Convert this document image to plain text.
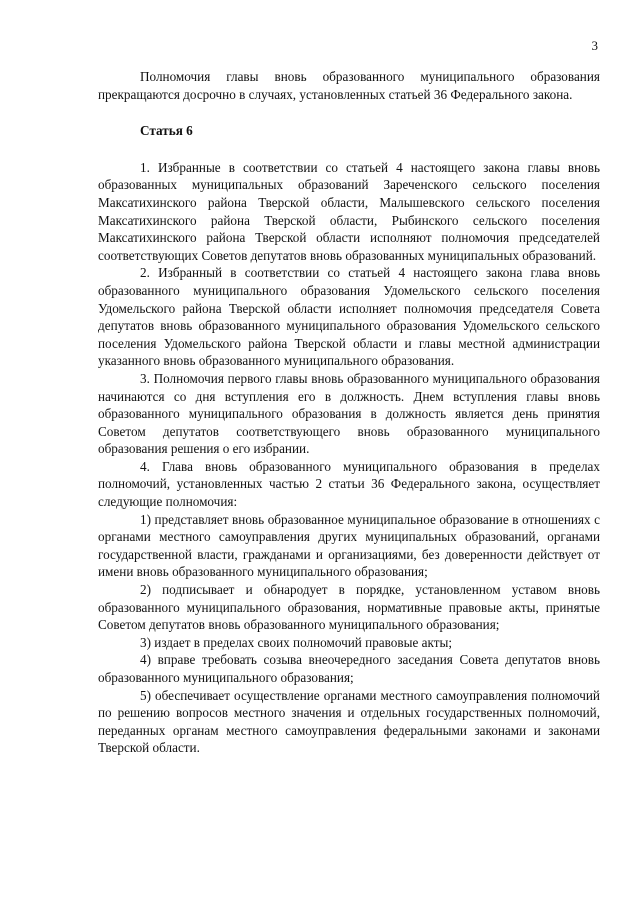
3

Полномочия главы вновь образованного муниципального образования прекращаются досрочно в случаях, установленных статьей 36 Федерального закона.

Статья 6

1. Избранные в соответствии со статьей 4 настоящего закона главы вновь образованных муниципальных образований Зареченского сельского поселения Максатихинского района Тверской области, Малышевского сельского поселения Максатихинского района Тверской области, Рыбинского сельского поселения Максатихинского района Тверской области исполняют полномочия председателей соответствующих Советов депутатов вновь образованных муниципальных образований.

2. Избранный в соответствии со статьей 4 настоящего закона глава вновь образованного муниципального образования Удомельского сельского поселения Удомельского района Тверской области исполняет полномочия председателя Совета депутатов вновь образованного муниципального образования Удомельского сельского поселения Удомельского района Тверской области и главы местной администрации указанного вновь образованного муниципального образования.

3. Полномочия первого главы вновь образованного муниципального образования начинаются со дня вступления его в должность. Днем вступления главы вновь образованного муниципального образования в должность является день принятия Советом депутатов соответствующего вновь образованного муниципального образования решения о его избрании.

4. Глава вновь образованного муниципального образования в пределах полномочий, установленных частью 2 статьи 36 Федерального закона, осуществляет следующие полномочия:

1) представляет вновь образованное муниципальное образование в отношениях с органами местного самоуправления других муниципальных образований, органами государственной власти, гражданами и организациями, без доверенности действует от имени вновь образованного муниципального образования;

2) подписывает и обнародует в порядке, установленном уставом вновь образованного муниципального образования, нормативные правовые акты, принятые Советом депутатов вновь образованного муниципального образования;

3) издает в пределах своих полномочий правовые акты;

4) вправе требовать созыва внеочередного заседания Совета депутатов вновь образованного муниципального образования;

5) обеспечивает осуществление органами местного самоуправления полномочий по решению вопросов местного значения и отдельных государственных полномочий, переданных органам местного самоуправления федеральными законами и законами Тверской области.
